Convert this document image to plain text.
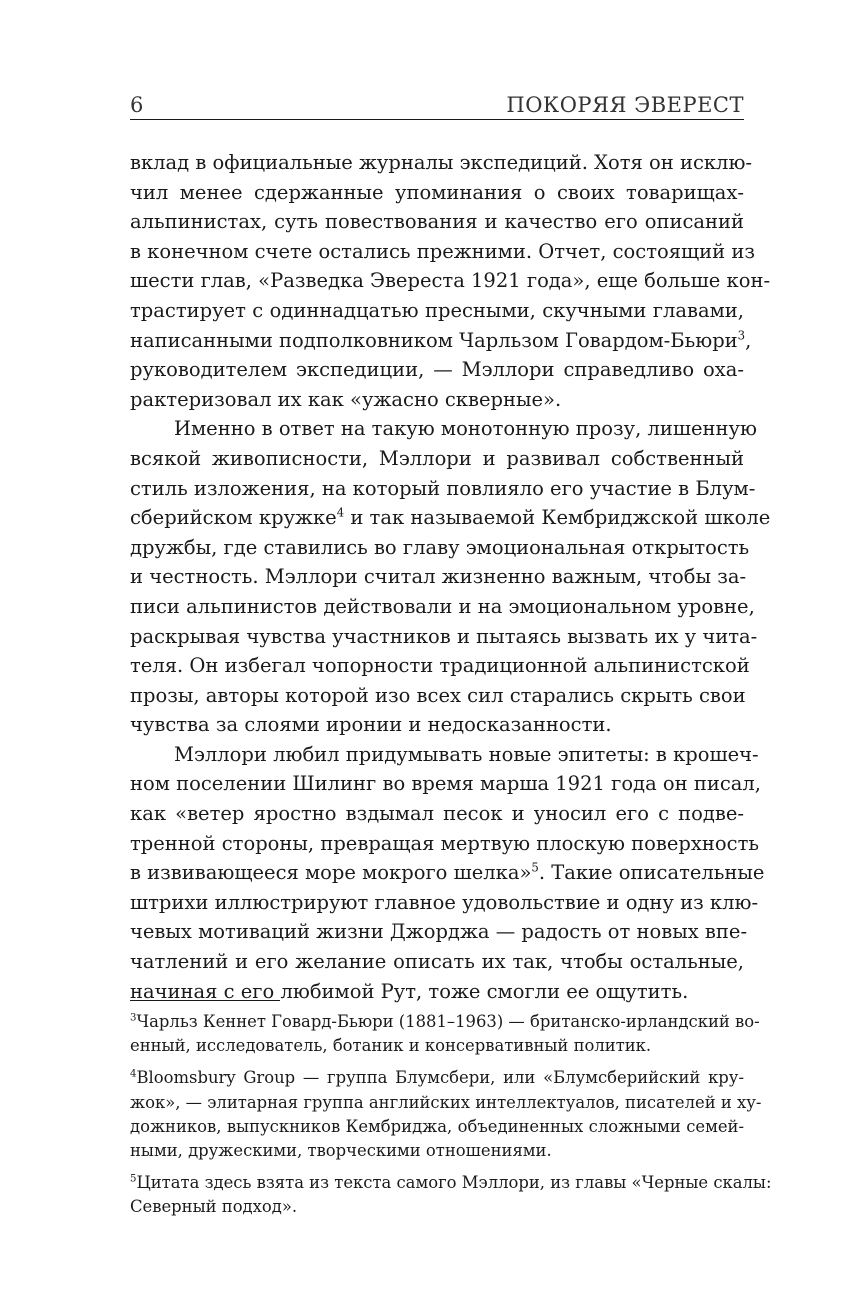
6	ПОКОРЯЯ ЭВЕРЕСТ
вклад в официальные журналы экспедиций. Хотя он исклю-
чил менее сдержанные упоминания о своих товарищах-
альпинистах, суть повествования и качество его описаний
в конечном счете остались прежними. Отчет, состоящий из
шести глав, «Разведка Эвереста 1921 года», еще больше кон-
трастирует с одиннадцатью пресными, скучными главами,
написанными подполковником Чарльзом Говардом-Бьюри$^3$,
руководителем экспедиции, — Мэллори справедливо оха-
рактеризовал их как «ужасно скверные».
Именно в ответ на такую монотонную прозу, лишенную
всякой живописности, Мэллори и развивал собственный
стиль изложения, на который повлияло его участие в Блум-
сберийском кружке$^4$ и так называемой Кембриджской школе
дружбы, где ставились во главу эмоциональная открытость
и честность. Мэллори считал жизненно важным, чтобы за-
писи альпинистов действовали и на эмоциональном уровне,
раскрывая чувства участников и пытаясь вызвать их у чита-
теля. Он избегал чопорности традиционной альпинистской
прозы, авторы которой изо всех сил старались скрыть свои
чувства за слоями иронии и недосказанности.
Мэллори любил придумывать новые эпитеты: в крошеч-
ном поселении Шилинг во время марша 1921 года он писал,
как «ветер яростно вздымал песок и уносил его с подве-
тренной стороны, превращая мертвую плоскую поверхность
в извивающееся море мокрого шелка»$^5$. Такие описательные
штрихи иллюстрируют главное удовольствие и одну из клю-
чевых мотиваций жизни Джорджа — радость от новых впе-
чатлений и его желание описать их так, чтобы остальные,
начиная с его любимой Рут, тоже смогли ее ощутить.
$^3$Чарльз Кеннет Говард-Бьюри (1881–1963) — британско-ирландский во-
енный, исследователь, ботаник и консервативный политик.
$^4$Bloomsbury Group — группа Блумсбери, или «Блумсберийский кру-
жок», — элитарная группа английских интеллектуалов, писателей и ху-
дожников, выпускников Кембриджа, объединенных сложными семей-
ными, дружескими, творческими отношениями.
$^5$Цитата здесь взята из текста самого Мэллори, из главы «Черные скалы:
Северный подход».
